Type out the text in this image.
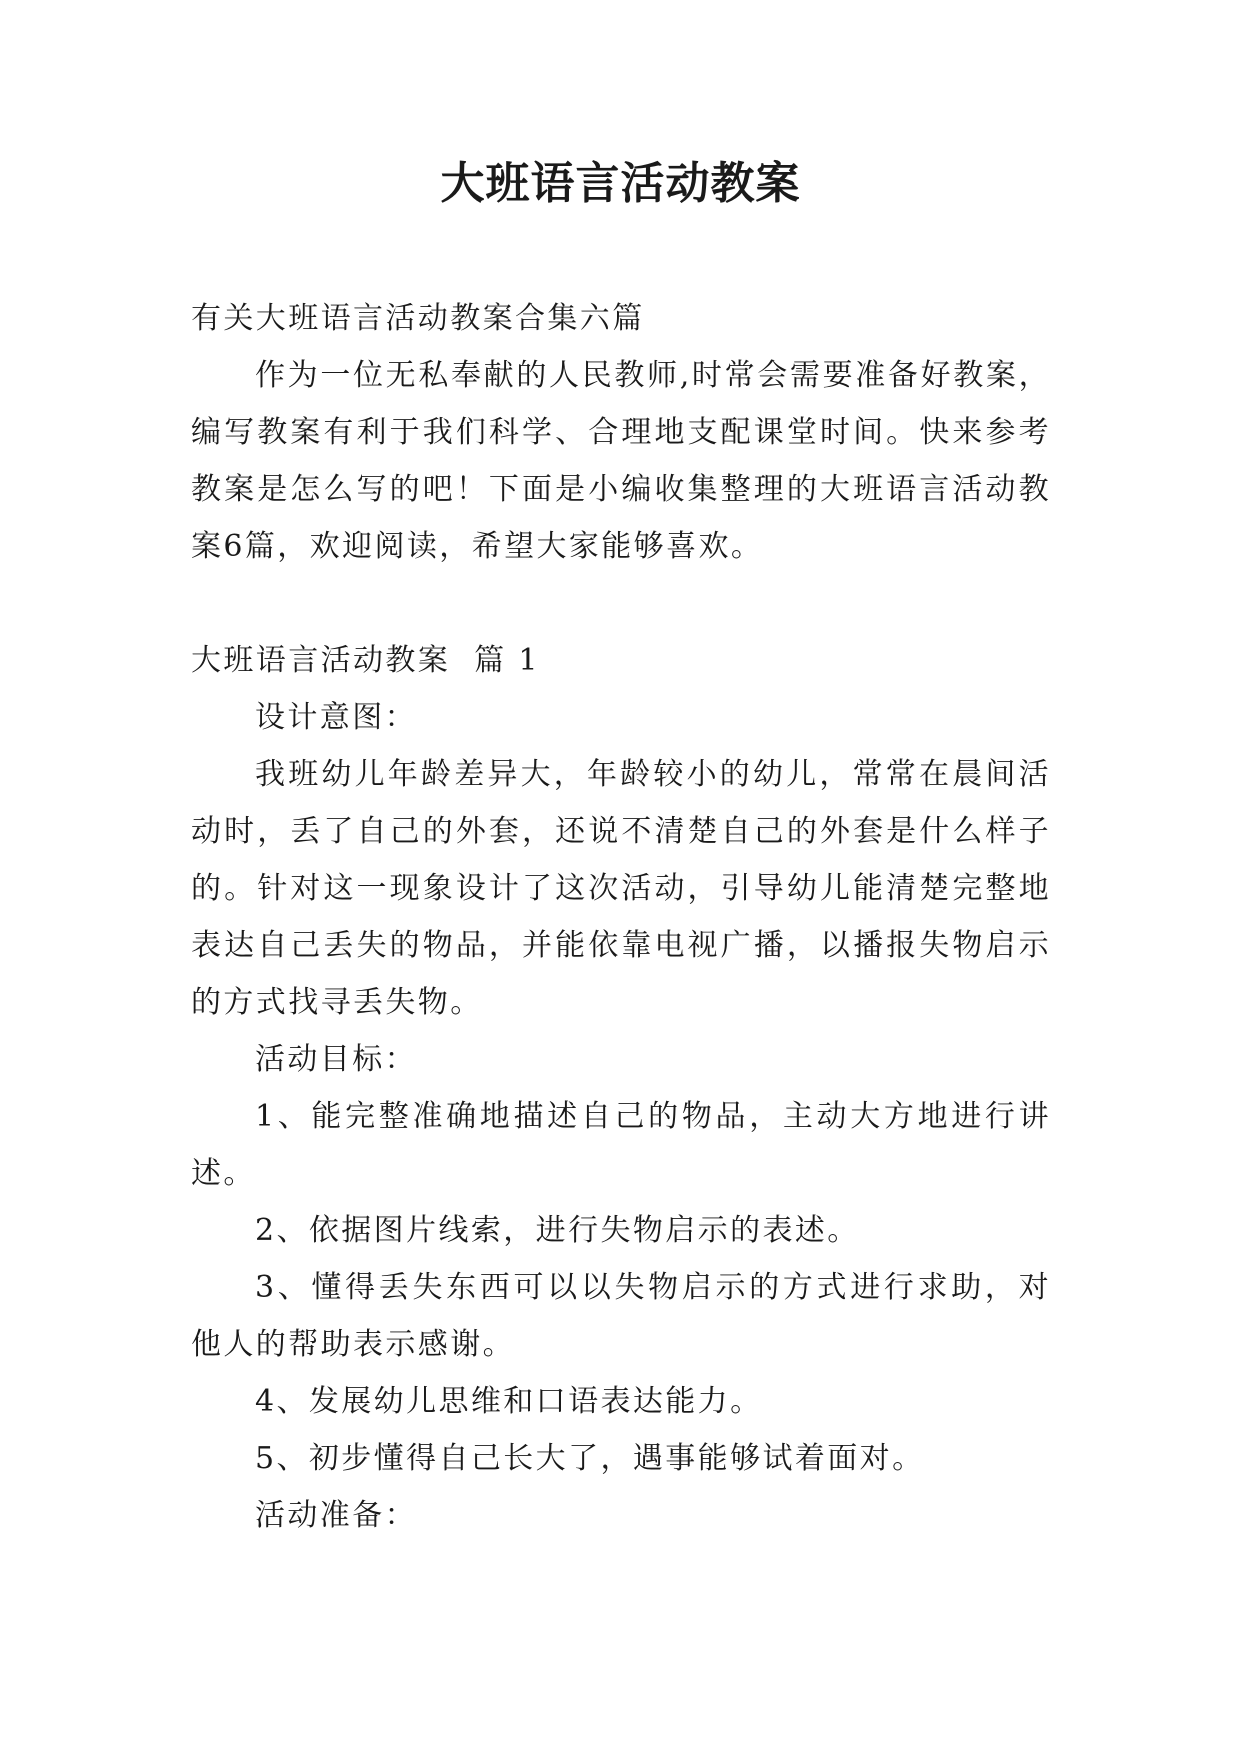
大班语言活动教案

有关大班语言活动教案合集六篇

作为一位无私奉献的人民教师,时常会需要准备好教案，编写教案有利于我们科学、合理地支配课堂时间。快来参考教案是怎么写的吧！下面是小编收集整理的大班语言活动教案6篇，欢迎阅读，希望大家能够喜欢。

大班语言活动教案  篇 1

设计意图：

我班幼儿年龄差异大，年龄较小的幼儿，常常在晨间活动时，丢了自己的外套，还说不清楚自己的外套是什么样子的。针对这一现象设计了这次活动，引导幼儿能清楚完整地表达自己丢失的物品，并能依靠电视广播，以播报失物启示的方式找寻丢失物。

活动目标：

1、能完整准确地描述自己的物品，主动大方地进行讲述。

2、依据图片线索，进行失物启示的表述。

3、懂得丢失东西可以以失物启示的方式进行求助，对他人的帮助表示感谢。

4、发展幼儿思维和口语表达能力。

5、初步懂得自己长大了，遇事能够试着面对。

活动准备：
